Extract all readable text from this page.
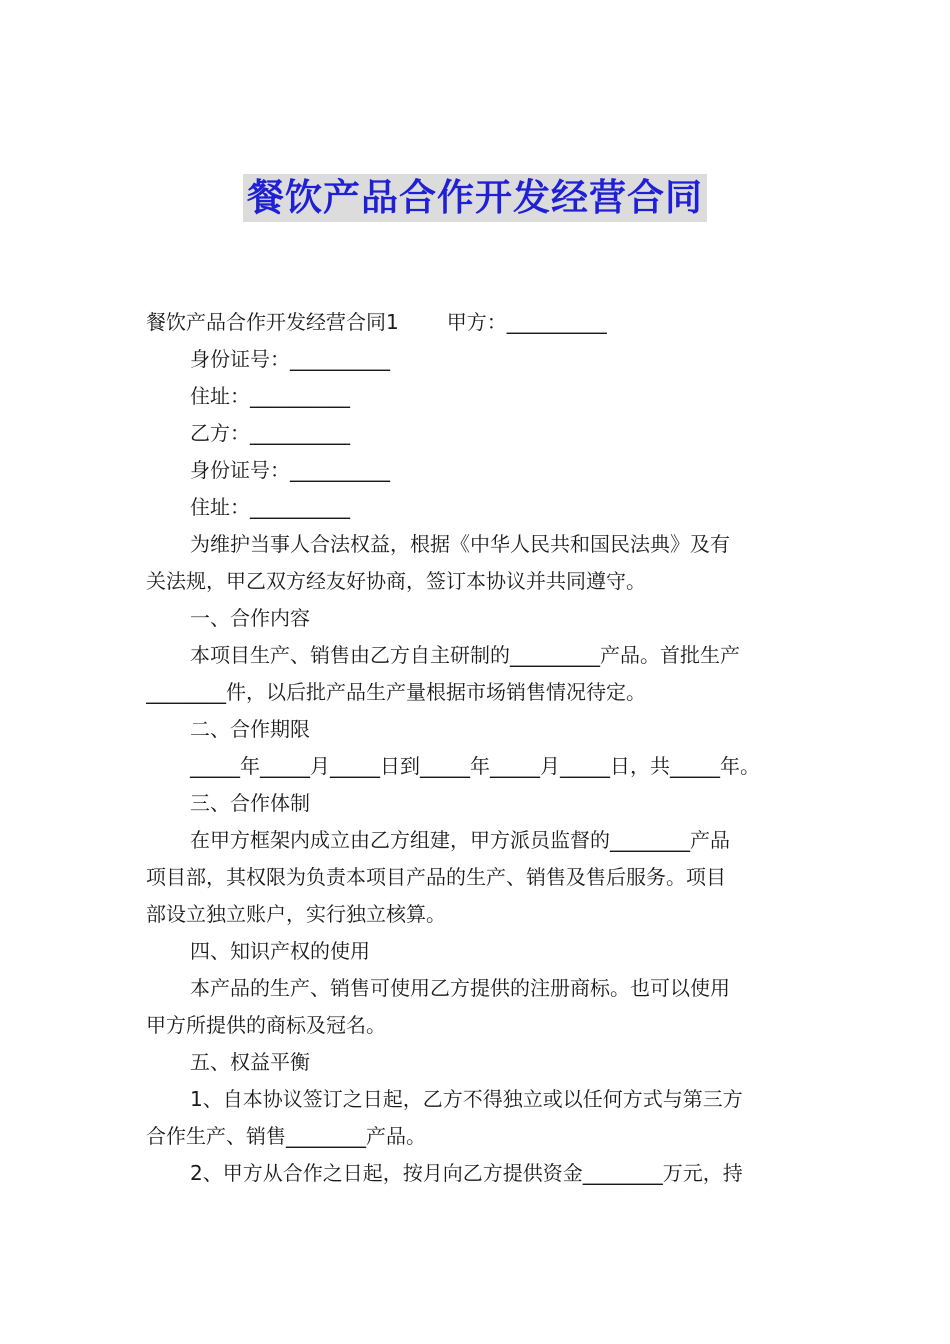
餐饮产品合作开发经营合同
餐饮产品合作开发经营合同1 甲方：__________
身份证号：__________
住址：__________
乙方：__________
身份证号：__________
住址：__________
为维护当事人合法权益，根据《中华人民共和国民法典》及有
关法规，甲乙双方经友好协商，签订本协议并共同遵守。
一、合作内容
本项目生产、销售由乙方自主研制的_________产品。首批生产
________件，以后批产品生产量根据市场销售情况待定。
二、合作期限
_____年_____月_____日到_____年_____月_____日，共_____年。
三、合作体制
在甲方框架内成立由乙方组建，甲方派员监督的________产品
项目部，其权限为负责本项目产品的生产、销售及售后服务。项目
部设立独立账户，实行独立核算。
四、知识产权的使用
本产品的生产、销售可使用乙方提供的注册商标。也可以使用
甲方所提供的商标及冠名。
五、权益平衡
1、自本协议签订之日起，乙方不得独立或以任何方式与第三方
合作生产、销售________产品。
2、甲方从合作之日起，按月向乙方提供资金________万元，持
